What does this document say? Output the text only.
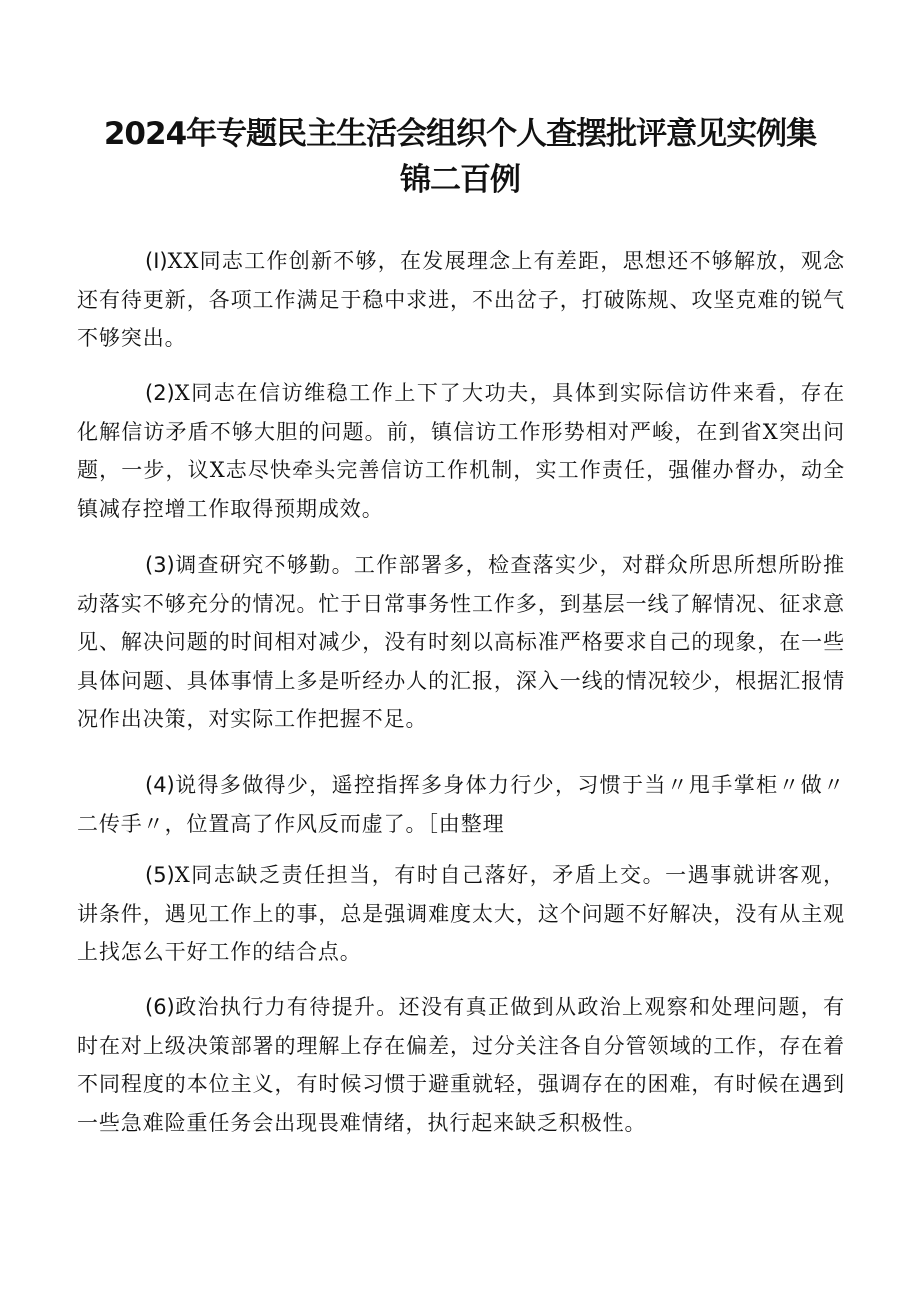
2024年专题民主生活会组织个人查摆批评意见实例集
锦二百例

(I)XX同志工作创新不够，在发展理念上有差距，思想还不够解放，观念还有待更新，各项工作满足于稳中求进，不出岔子，打破陈规、攻坚克难的锐气不够突出。

(2)X同志在信访维稳工作上下了大功夫，具体到实际信访件来看，存在化解信访矛盾不够大胆的问题。前，镇信访工作形势相对严峻，在到省X突出问题，一步，议X志尽快牵头完善信访工作机制，实工作责任，强催办督办，动全镇减存控增工作取得预期成效。

(3)调查研究不够勤。工作部署多，检查落实少，对群众所思所想所盼推动落实不够充分的情况。忙于日常事务性工作多，到基层一线了解情况、征求意见、解决问题的时间相对减少，没有时刻以高标准严格要求自己的现象，在一些具体问题、具体事情上多是听经办人的汇报，深入一线的情况较少，根据汇报情况作出决策，对实际工作把握不足。

(4)说得多做得少，遥控指挥多身体力行少，习惯于当〃甩手掌柜〃做〃二传手〃，位置高了作风反而虚了。［由整理

(5)X同志缺乏责任担当，有时自己落好，矛盾上交。一遇事就讲客观，讲条件，遇见工作上的事，总是强调难度太大，这个问题不好解决，没有从主观上找怎么干好工作的结合点。

(6)政治执行力有待提升。还没有真正做到从政治上观察和处理问题，有时在对上级决策部署的理解上存在偏差，过分关注各自分管领域的工作，存在着不同程度的本位主义，有时候习惯于避重就轻，强调存在的困难，有时候在遇到一些急难险重任务会出现畏难情绪，执行起来缺乏积极性。
